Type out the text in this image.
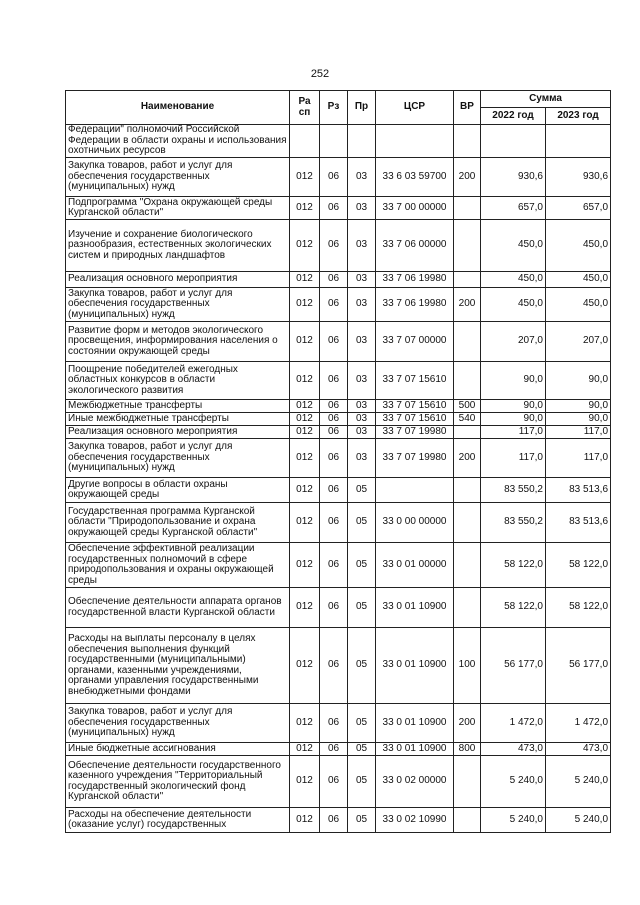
252
Наименование	Ра сп	Рз	Пр	ЦСР	ВР	Сумма	
						2022 год	2023 год
Федерации" полномочий Российской Федерации в области охраны и использования охотничьих ресурсов							
Закупка товаров, работ и услуг для обеспечения государственных (муниципальных) нужд	012	06	03	33 6 03 59700	200	930,6	930,6
Подпрограмма "Охрана окружающей среды Курганской области"	012	06	03	33 7 00 00000		657,0	657,0
Изучение и сохранение биологического разнообразия, естественных экологических систем и природных ландшафтов	012	06	03	33 7 06 00000		450,0	450,0
Реализация основного мероприятия	012	06	03	33 7 06 19980		450,0	450,0
Закупка товаров, работ и услуг для обеспечения государственных (муниципальных) нужд	012	06	03	33 7 06 19980	200	450,0	450,0
Развитие форм и методов экологического просвещения, информирования населения о состоянии окружающей среды	012	06	03	33 7 07 00000		207,0	207,0
Поощрение победителей ежегодных областных конкурсов в области экологического развития	012	06	03	33 7 07 15610		90,0	90,0
Межбюджетные трансферты	012	06	03	33 7 07 15610	500	90,0	90,0
Иные межбюджетные трансферты	012	06	03	33 7 07 15610	540	90,0	90,0
Реализация основного мероприятия	012	06	03	33 7 07 19980		117,0	117,0
Закупка товаров, работ и услуг для обеспечения государственных (муниципальных) нужд	012	06	03	33 7 07 19980	200	117,0	117,0
Другие вопросы в области охраны окружающей среды	012	06	05			83 550,2	83 513,6
Государственная программа Курганской области "Природопользование и охрана окружающей среды Курганской области"	012	06	05	33 0 00 00000		83 550,2	83 513,6
Обеспечение эффективной реализации государственных полномочий в сфере природопользования и охраны окружающей среды	012	06	05	33 0 01 00000		58 122,0	58 122,0
Обеспечение деятельности аппарата органов государственной власти Курганской области	012	06	05	33 0 01 10900		58 122,0	58 122,0
Расходы на выплаты персоналу в целях обеспечения выполнения функций государственными (муниципальными) органами, казенными учреждениями, органами управления государственными внебюджетными фондами	012	06	05	33 0 01 10900	100	56 177,0	56 177,0
Закупка товаров, работ и услуг для обеспечения государственных (муниципальных) нужд	012	06	05	33 0 01 10900	200	1 472,0	1 472,0
Иные бюджетные ассигнования	012	06	05	33 0 01 10900	800	473,0	473,0
Обеспечение деятельности государственного казенного учреждения "Территориальный государственный экологический фонд Курганской области"	012	06	05	33 0 02 00000		5 240,0	5 240,0
Расходы на обеспечение деятельности (оказание услуг) государственных	012	06	05	33 0 02 10990		5 240,0	5 240,0
